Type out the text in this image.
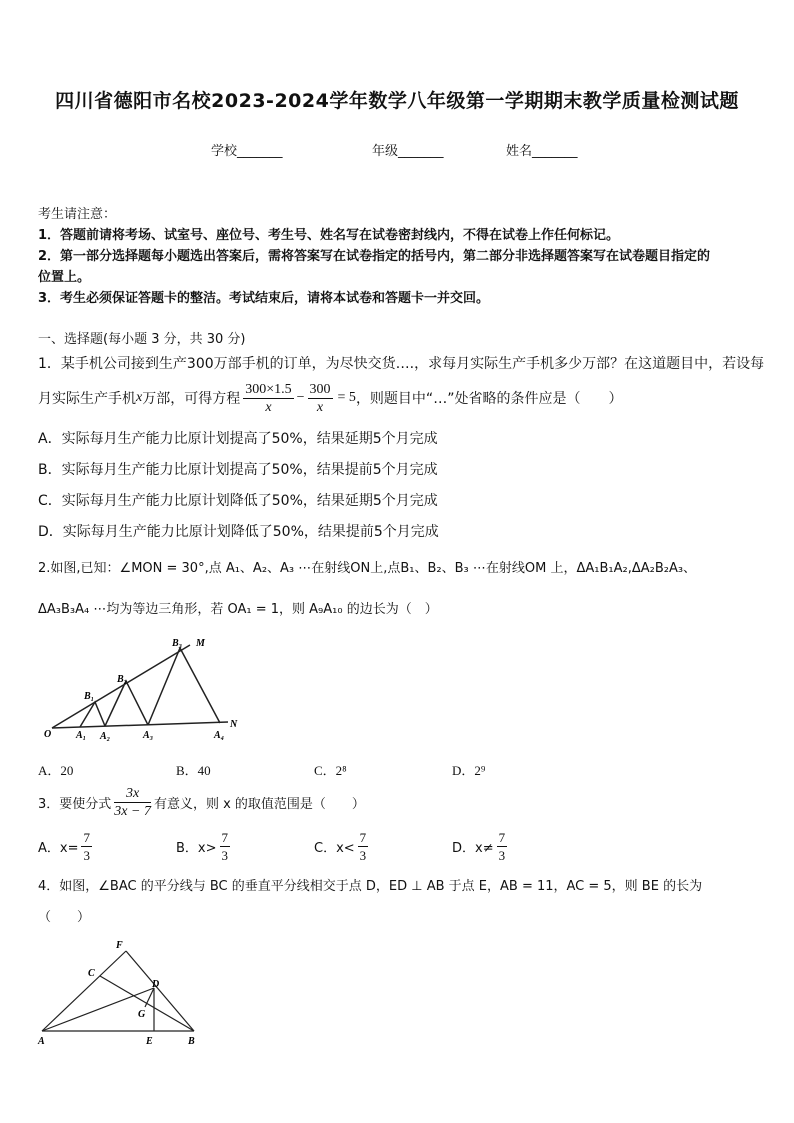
四川省德阳市名校2023-2024学年数学八年级第一学期期末教学质量检测试题
学校_______	年级_______	姓名_______
考生请注意：
1．答题前请将考场、试室号、座位号、考生号、姓名写在试卷密封线内，不得在试卷上作任何标记。
2．第一部分选择题每小题选出答案后，需将答案写在试卷指定的括号内，第二部分非选择题答案写在试卷题目指定的
位置上。
3．考生必须保证答题卡的整洁。考试结束后，请将本试卷和答题卡一并交回。
一、选择题(每小题 3 分，共 30 分)
1．某手机公司接到生产300万部手机的订单，为尽快交货….，求每月实际生产手机多少万部？在这道题目中，若设每
月实际生产手机 x 万部，可得方程 $\frac{300\times 1.5}{x} - \frac{300}{x} = 5$ ，则题目中“…”处省略的条件应是（　　）
A．实际每月生产能力比原计划提高了50%，结果延期5个月完成
B．实际每月生产能力比原计划提高了50%，结果提前5个月完成
C．实际每月生产能力比原计划降低了50%，结果延期5个月完成
D．实际每月生产能力比原计划降低了50%，结果提前5个月完成
2.如图,已知：∠MON = 30°,点 A₁、A₂、A₃ ⋯在射线ON上,点B₁、B₂、B₃ ⋯在射线OM 上，ΔA₁B₁A₂,ΔA₂B₂A₃、
ΔA₃B₃A₄ ⋯均为等边三角形，若 OA₁ = 1，则 A₉A₁₀ 的边长为（　）
O
M
N
A₁ A₂	A₃	A₄
B₁
B₂
B₃
A．20	B．40	C．2⁸	D．2⁹
3．要使分式 $\frac{3x}{3x - 7}$ 有意义，则 x 的取值范围是（　　）
A．$x= \frac{7}{3}$	B．$x> \frac{7}{3}$	C．$x< \frac{7}{3}$	D．$x\ne \frac{7}{3}$
4．如图，∠BAC 的平分线与 BC 的垂直平分线相交于点 D，ED ⊥ AB 于点 E，AB = 11，AC = 5，则 BE 的长为
（　　）
F
C
D
G
A	E	B
